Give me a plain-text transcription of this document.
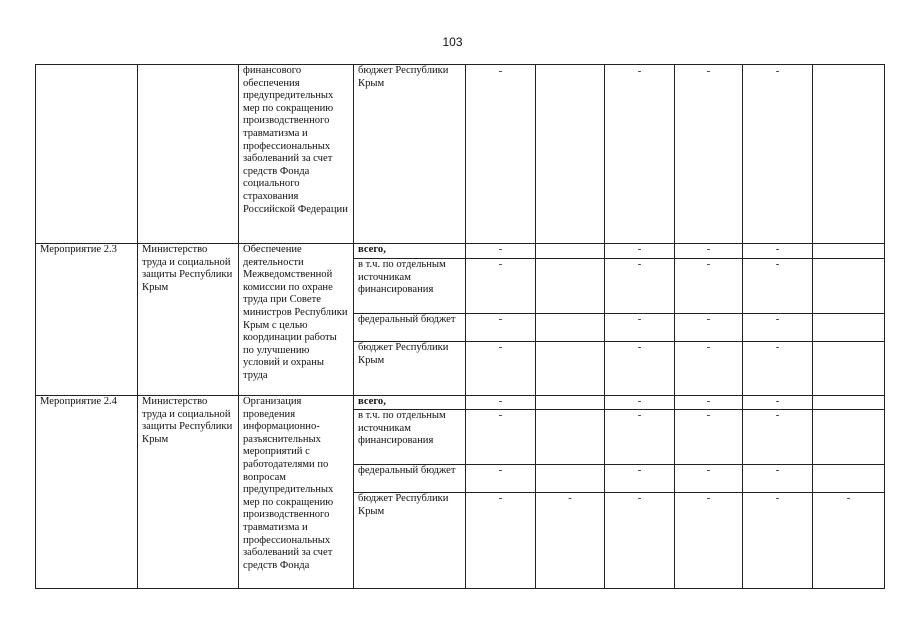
103
		финансового обеспечения предупредительных мер по сокращению производственного травматизма и профессиональных заболеваний за счет средств Фонда социального страхования Российской Федерации	бюджет Республики Крым	-		-	-	-	
Мероприятие 2.3	Министерство труда и социальной защиты Республики Крым	Обеспечение деятельности Межведомственной комиссии по охране труда при Совете министров Республики Крым с целью координации работы по улучшению условий и охраны труда	всего,	-		-	-	-	
			в т.ч. по отдельным источникам финансирования	-		-	-	-	
			федеральный бюджет	-		-	-	-	
			бюджет Республики Крым	-		-	-	-	
Мероприятие 2.4	Министерство труда и социальной защиты Республики Крым	Организация проведения информационно-разъяснительных мероприятий с работодателями по вопросам предупредительных мер по сокращению производственного травматизма и профессиональных заболеваний за счет средств Фонда	всего,	-		-	-	-	
			в т.ч. по отдельным источникам финансирования	-		-	-	-	
			федеральный бюджет	-		-	-	-	
			бюджет Республики Крым	-	-	-	-	-	-
